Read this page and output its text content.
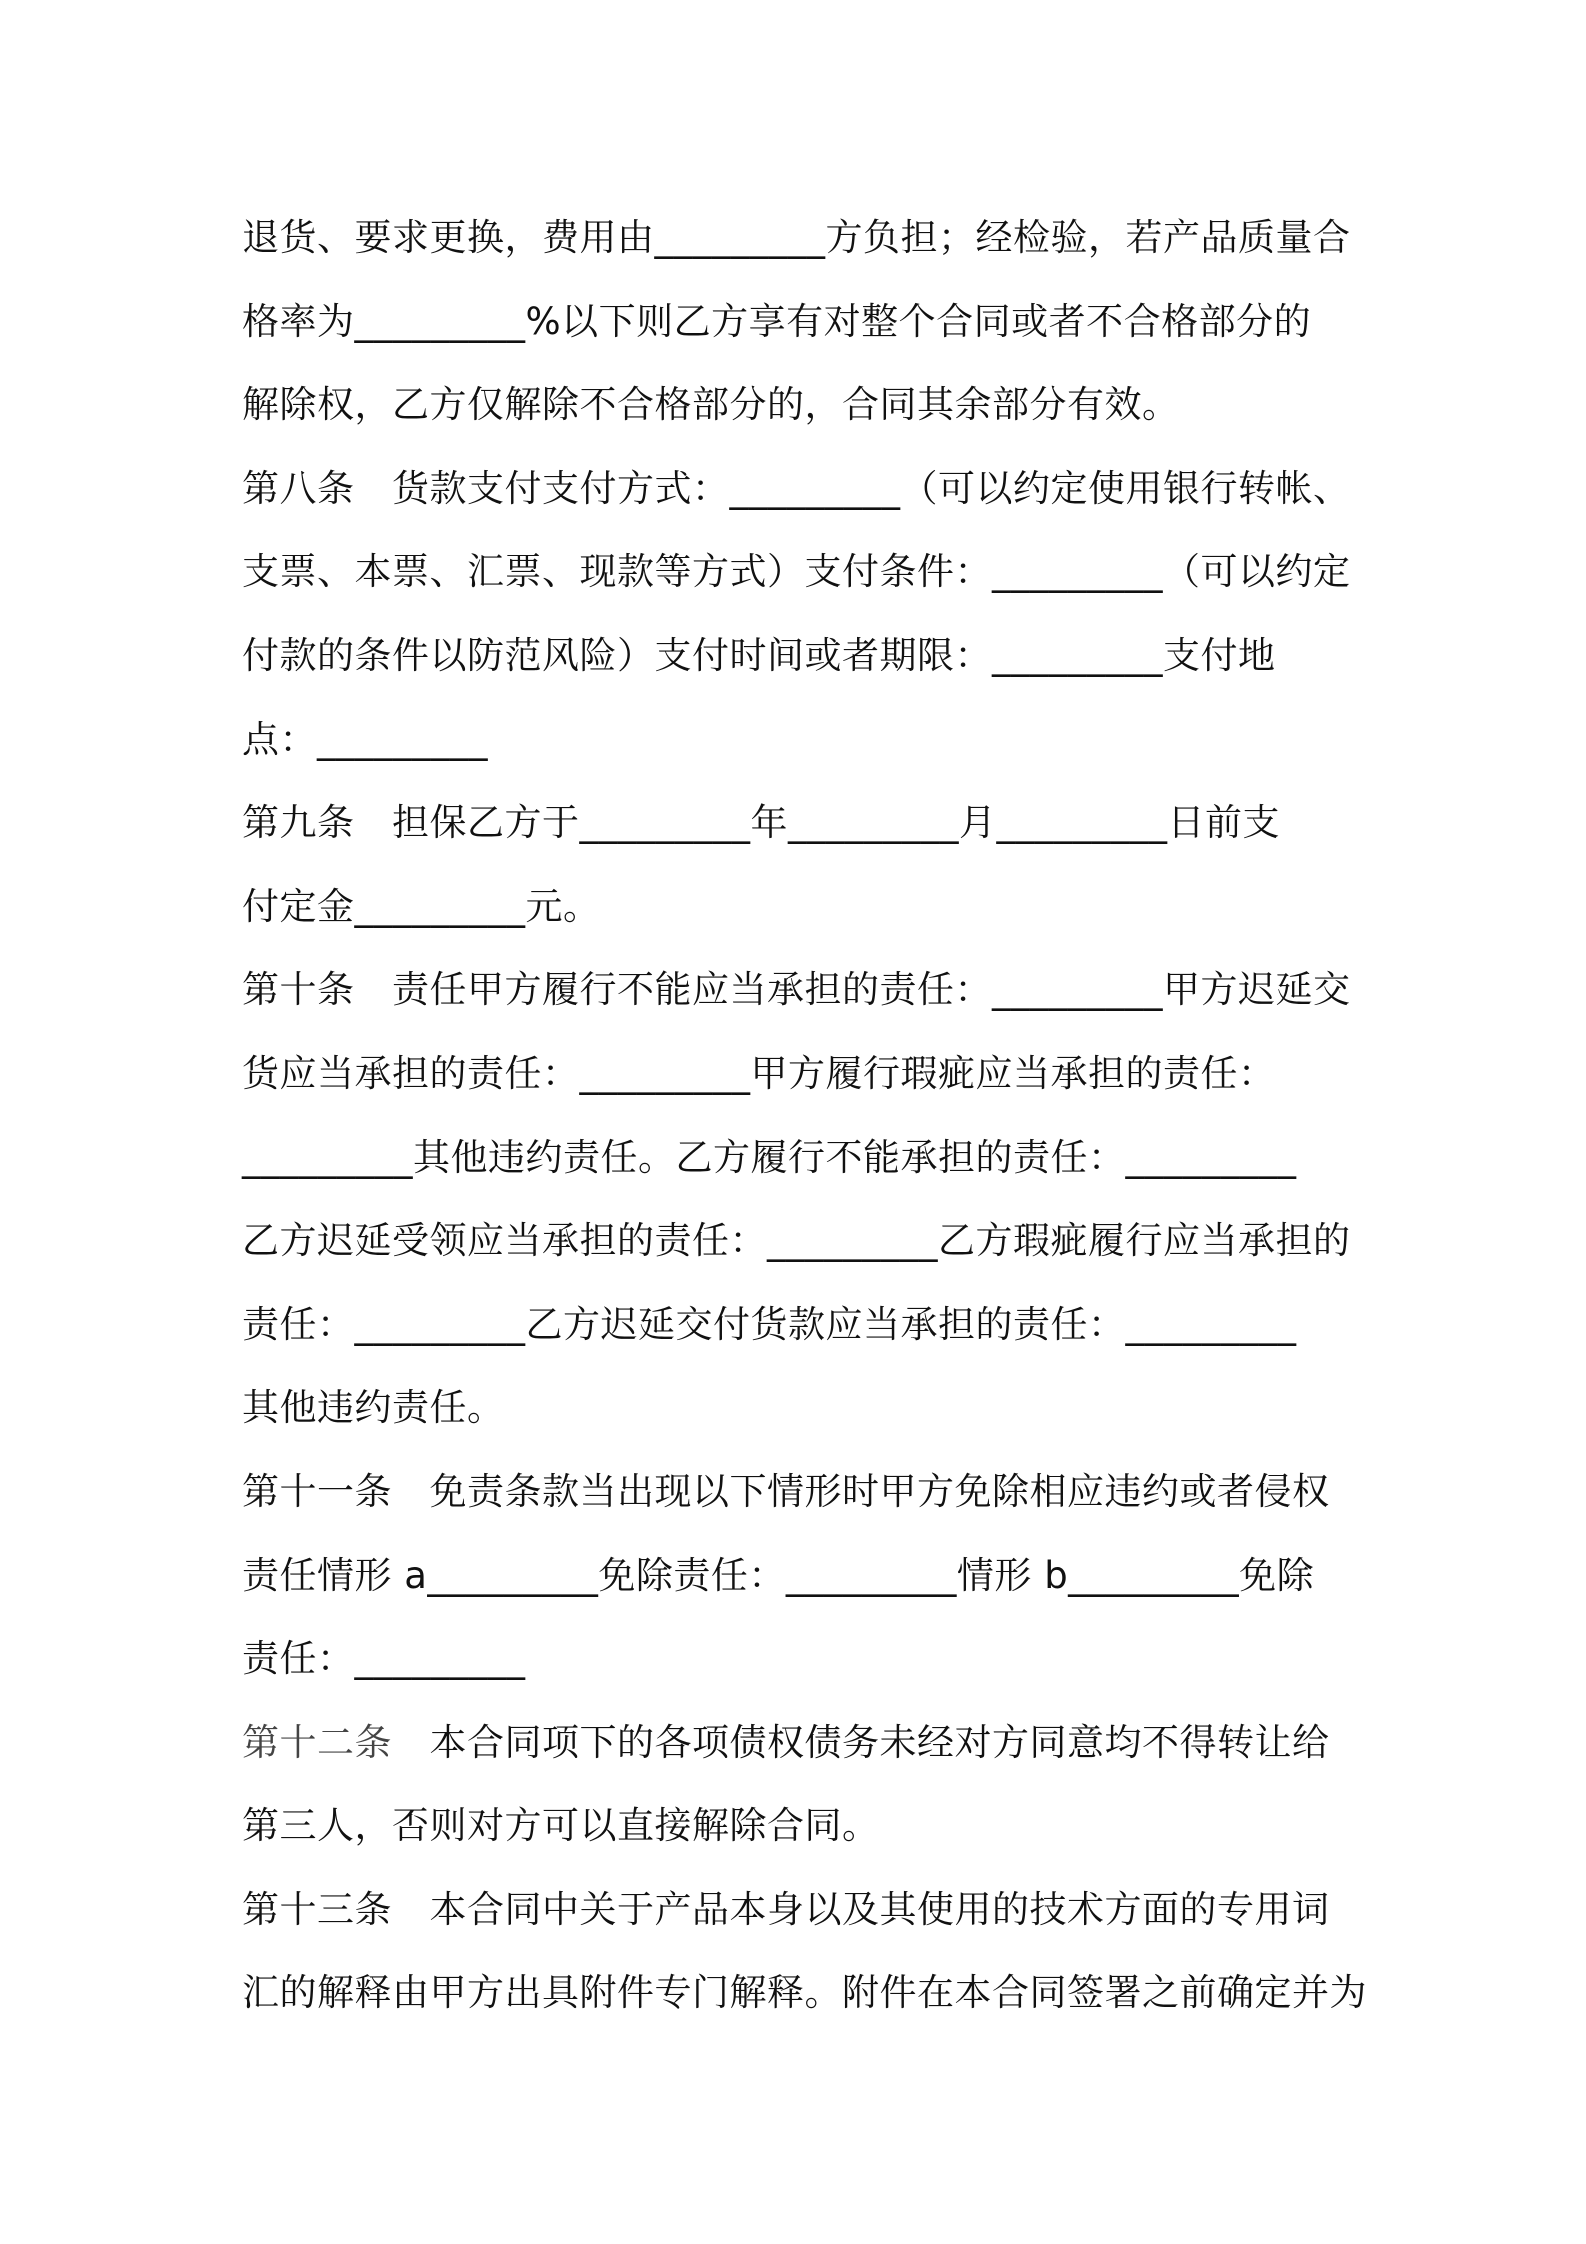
退货、要求更换，费用由_________方负担；经检验，若产品质量合
格率为_________%以下则乙方享有对整个合同或者不合格部分的
解除权，乙方仅解除不合格部分的，合同其余部分有效。
第八条　货款支付支付方式：_________（可以约定使用银行转帐、
支票、本票、汇票、现款等方式）支付条件：_________（可以约定
付款的条件以防范风险）支付时间或者期限：_________支付地
点：_________
第九条　担保乙方于_________年_________月_________日前支
付定金_________元。
第十条　责任甲方履行不能应当承担的责任：_________甲方迟延交
货应当承担的责任：_________甲方履行瑕疵应当承担的责任：
_________其他违约责任。乙方履行不能承担的责任：_________
乙方迟延受领应当承担的责任：_________乙方瑕疵履行应当承担的
责任：_________乙方迟延交付货款应当承担的责任：_________
其他违约责任。
第十一条　免责条款当出现以下情形时甲方免除相应违约或者侵权
责任情形 a_________免除责任：_________情形 b_________免除
责任：_________
第十二条　 本合同项下的各项债权债务未经对方同意均不得转让给
第三人，否则对方可以直接解除合同。
第十三条　本合同中关于产品本身以及其使用的技术方面的专用词
汇的解释由甲方出具附件专门解释。附件在本合同签署之前确定并为
